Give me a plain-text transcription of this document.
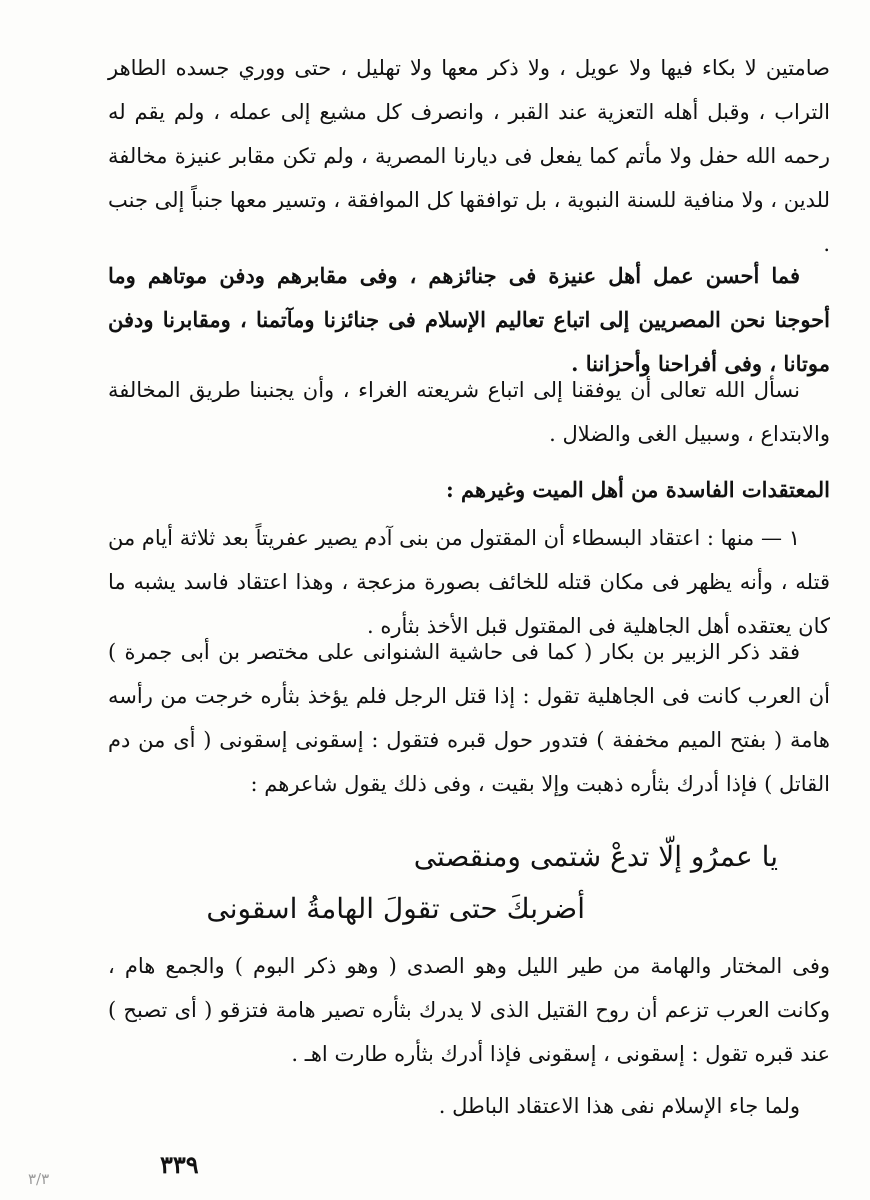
صامتين لا بكاء فيها ولا عويل ، ولا ذكر معها ولا تهليل ، حتى ووري جسده الطاهر التراب ، وقبل أهله التعزية عند القبر ، وانصرف كل مشيع إلى عمله ، ولم يقم له رحمه الله حفل ولا مأتم كما يفعل فى ديارنا المصرية ، ولم تكن مقابر عنيزة مخالفة للدين ، ولا منافية للسنة النبوية ، بل توافقها كل الموافقة ، وتسير معها جنباً إلى جنب .

فما أحسن عمل أهل عنيزة فى جنائزهم ، وفى مقابرهم ودفن موتاهم وما أحوجنا نحن المصريين إلى اتباع تعاليم الإسلام فى جنائزنا ومآتمنا ، ومقابرنا ودفن موتانا ، وفى أفراحنا وأحزاننا .

نسأل الله تعالى أن يوفقنا إلى اتباع شريعته الغراء ، وأن يجنبنا طريق المخالفة والابتداع ، وسبيل الغى والضلال .

المعتقدات الفاسدة من أهل الميت وغيرهم :

١ — منها : اعتقاد البسطاء أن المقتول من بنى آدم يصير عفريتاً بعد ثلاثة أيام من قتله ، وأنه يظهر فى مكان قتله للخائف بصورة مزعجة ، وهذا اعتقاد فاسد يشبه ما كان يعتقده أهل الجاهلية فى المقتول قبل الأخذ بثأره .

فقد ذكر الزبير بن بكار ( كما فى حاشية الشنوانى على مختصر بن أبى جمرة ) أن العرب كانت فى الجاهلية تقول : إذا قتل الرجل فلم يؤخذ بثأره خرجت من رأسه هامة ( بفتح الميم مخففة ) فتدور حول قبره فتقول : إسقونى إسقونى ( أى من دم القاتل ) فإذا أدرك بثأره ذهبت وإلا بقيت ، وفى ذلك يقول شاعرهم :

يا عمرُو إلّا تدعْ شتمى ومنقصتى
أضربكَ حتى تقولَ الهامةُ اسقونى

وفى المختار والهامة من طير الليل وهو الصدى ( وهو ذكر البوم ) والجمع هام ، وكانت العرب تزعم أن روح القتيل الذى لا يدرك بثأره تصير هامة فتزقو ( أى تصبح ) عند قبره تقول : إسقونى ، إسقونى فإذا أدرك بثأره طارت اهـ .

ولما جاء الإسلام نفى هذا الاعتقاد الباطل .

٣٣٩
٣/٣
